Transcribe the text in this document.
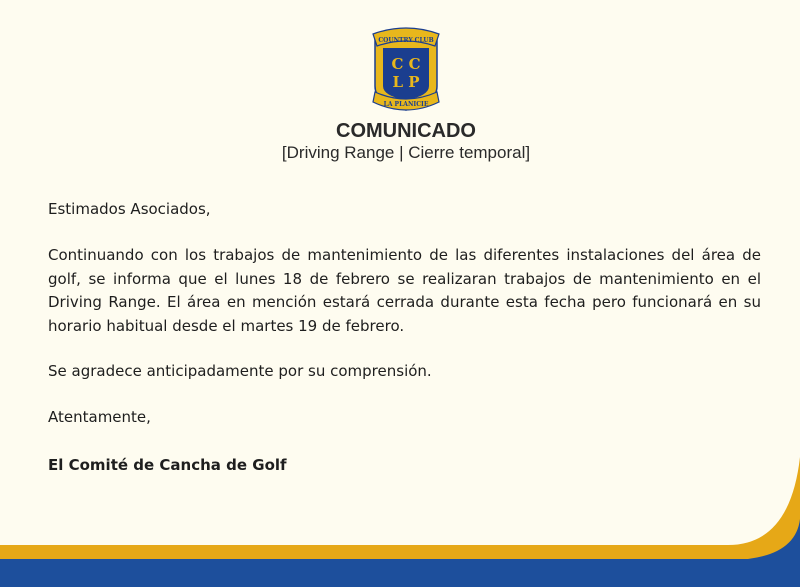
COUNTRY CLUB
C C
L P
LA PLANICIE
COMUNICADO
[Driving Range | Cierre temporal]
Estimados Asociados,
Continuando con los trabajos de mantenimiento de las diferentes instalaciones del área de golf, se informa que el lunes 18 de febrero se realizaran trabajos de mantenimiento en el Driving Range. El área en mención estará cerrada durante esta fecha pero funcionará en su horario habitual desde el martes 19 de febrero.
Se agradece anticipadamente por su comprensión.
Atentamente,
El Comité de Cancha de Golf
